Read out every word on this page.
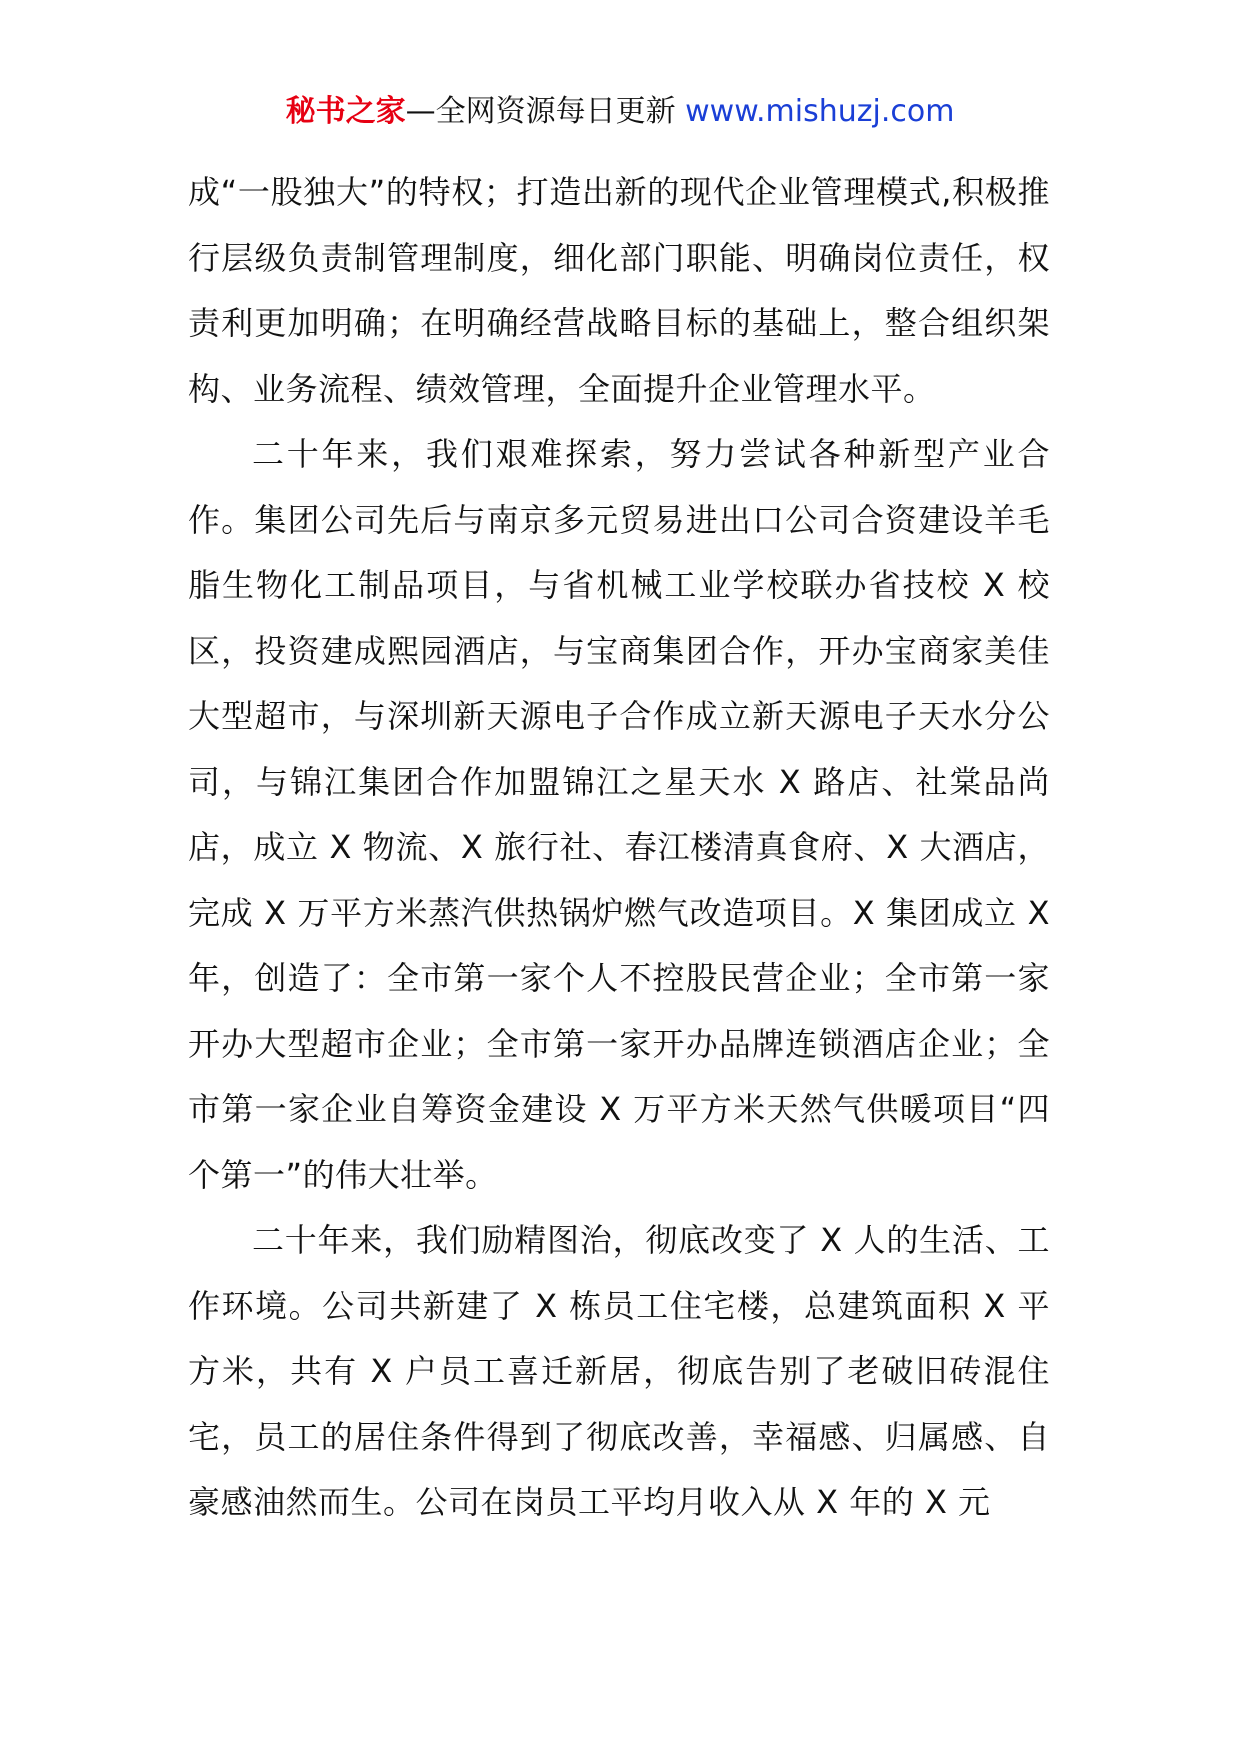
秘书之家—全网资源每日更新 www.mishuzj.com

成“一股独大”的特权；打造出新的现代企业管理模式,积极推行层级负责制管理制度，细化部门职能、明确岗位责任，权责利更加明确；在明确经营战略目标的基础上，整合组织架构、业务流程、绩效管理，全面提升企业管理水平。

二十年来，我们艰难探索，努力尝试各种新型产业合作。集团公司先后与南京多元贸易进出口公司合资建设羊毛脂生物化工制品项目，与省机械工业学校联办省技校 X 校区，投资建成熙园酒店，与宝商集团合作，开办宝商家美佳大型超市，与深圳新天源电子合作成立新天源电子天水分公司，与锦江集团合作加盟锦江之星天水 X 路店、社棠品尚店，成立 X 物流、X 旅行社、春江楼清真食府、X 大酒店，完成 X 万平方米蒸汽供热锅炉燃气改造项目。X 集团成立 X 年，创造了：全市第一家个人不控股民营企业；全市第一家开办大型超市企业；全市第一家开办品牌连锁酒店企业；全市第一家企业自筹资金建设 X 万平方米天然气供暖项目“四个第一”的伟大壮举。

二十年来，我们励精图治，彻底改变了 X 人的生活、工作环境。公司共新建了 X 栋员工住宅楼，总建筑面积 X 平方米，共有 X 户员工喜迁新居，彻底告别了老破旧砖混住宅，员工的居住条件得到了彻底改善，幸福感、归属感、自豪感油然而生。公司在岗员工平均月收入从 X 年的 X 元
